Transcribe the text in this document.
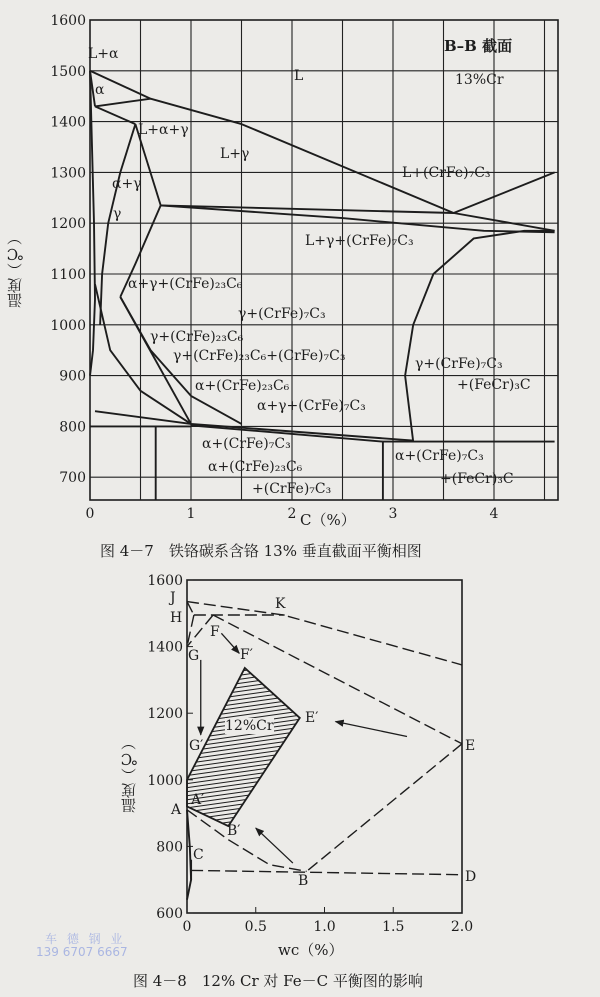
700
800
900
1000
1100
1200
1300
1400
1500
1600
0	1	2	3	4
600
800
1000
1200
1400
1600
0	0.5	1.0	1.5	2.0
温度（℃）
C（%）
B–B 截面
13%Cr
L+α
α
L
L+α+γ
L+γ
α+γ
γ
L+(CrFe)₇C₃
L+γ+(CrFe)₇C₃
α+γ+(CrFe)₂₃C₆
γ+(CrFe)₇C₃
γ+(CrFe)₂₃C₆
γ+(CrFe)₂₃C₆+(CrFe)₇C₃
α+(CrFe)₂₃C₆
α+γ+(CrFe)₇C₃
α+(CrFe)₇C₃
α+(CrFe)₂₃C₆
+(CrFe)₇C₃
γ+(CrFe)₇C₃
+(FeCr)₃C
α+(CrFe)₇C₃
+(FeCr)₃C
图 4－7　铁铬碳系含铬 13% 垂直截面平衡相图
温度（℃）
wc（%）
J
H
K
F
F′
G
12%Cr E′
G′	E
A
A′
B′
C
B	D
图 4－8　12% Cr 对 Fe－C 平衡图的影响
车 德 钢 业
139 6707 6667
